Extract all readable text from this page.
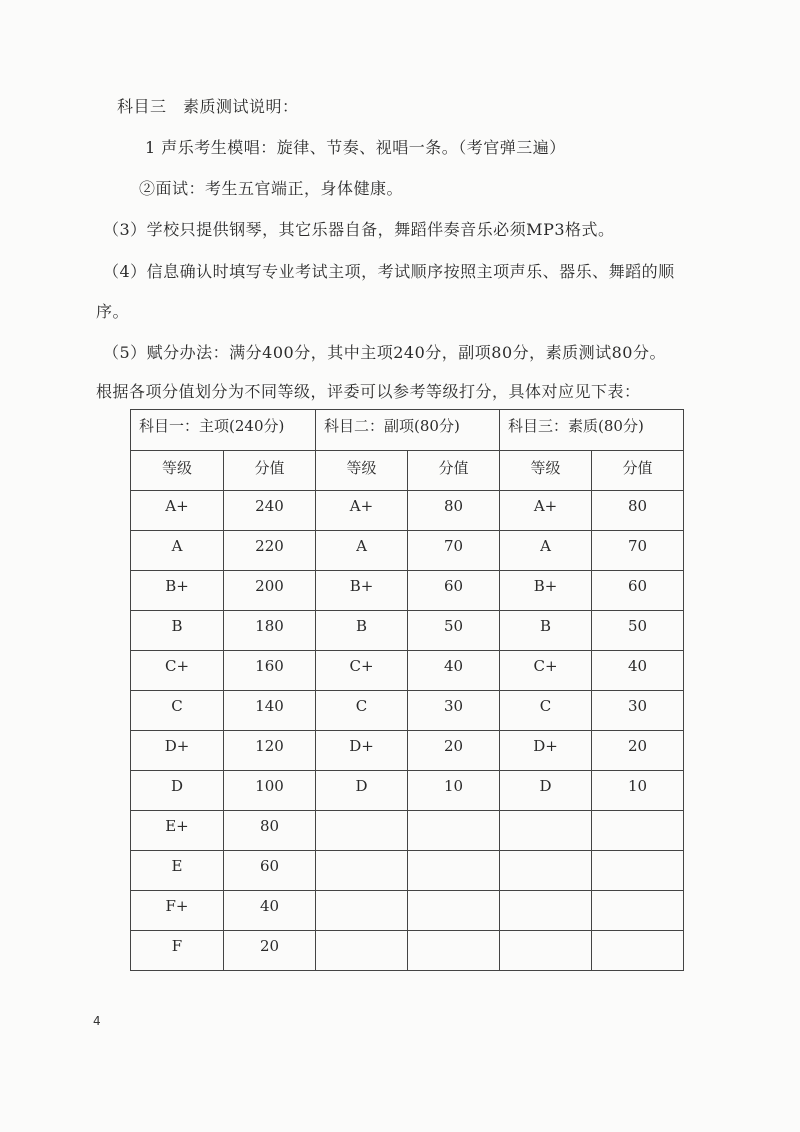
科目三　素质测试说明：
1 声乐考生模唱：旋律、节奏、视唱一条。（考官弹三遍）
②面试：考生五官端正，身体健康。
（3）学校只提供钢琴，其它乐器自备，舞蹈伴奏音乐必须MP3格式。
（4）信息确认时填写专业考试主项，考试顺序按照主项声乐、器乐、舞蹈的顺
序。
（5）赋分办法：满分400分，其中主项240分，副项80分，素质测试80分。
根据各项分值划分为不同等级，评委可以参考等级打分，具体对应见下表：
科目一：主项(240分)		科目二：副项(80分)		科目三：素质(80分)	
等级	分值	等级	分值	等级	分值
A+	240	A+	80	A+	80
A	220	A	70	A	70
B+	200	B+	60	B+	60
B	180	B	50	B	50
C+	160	C+	40	C+	40
C	140	C	30	C	30
D+	120	D+	20	D+	20
D	100	D	10	D	10
E+	80				
E	60				
F+	40				
F	20				
4
